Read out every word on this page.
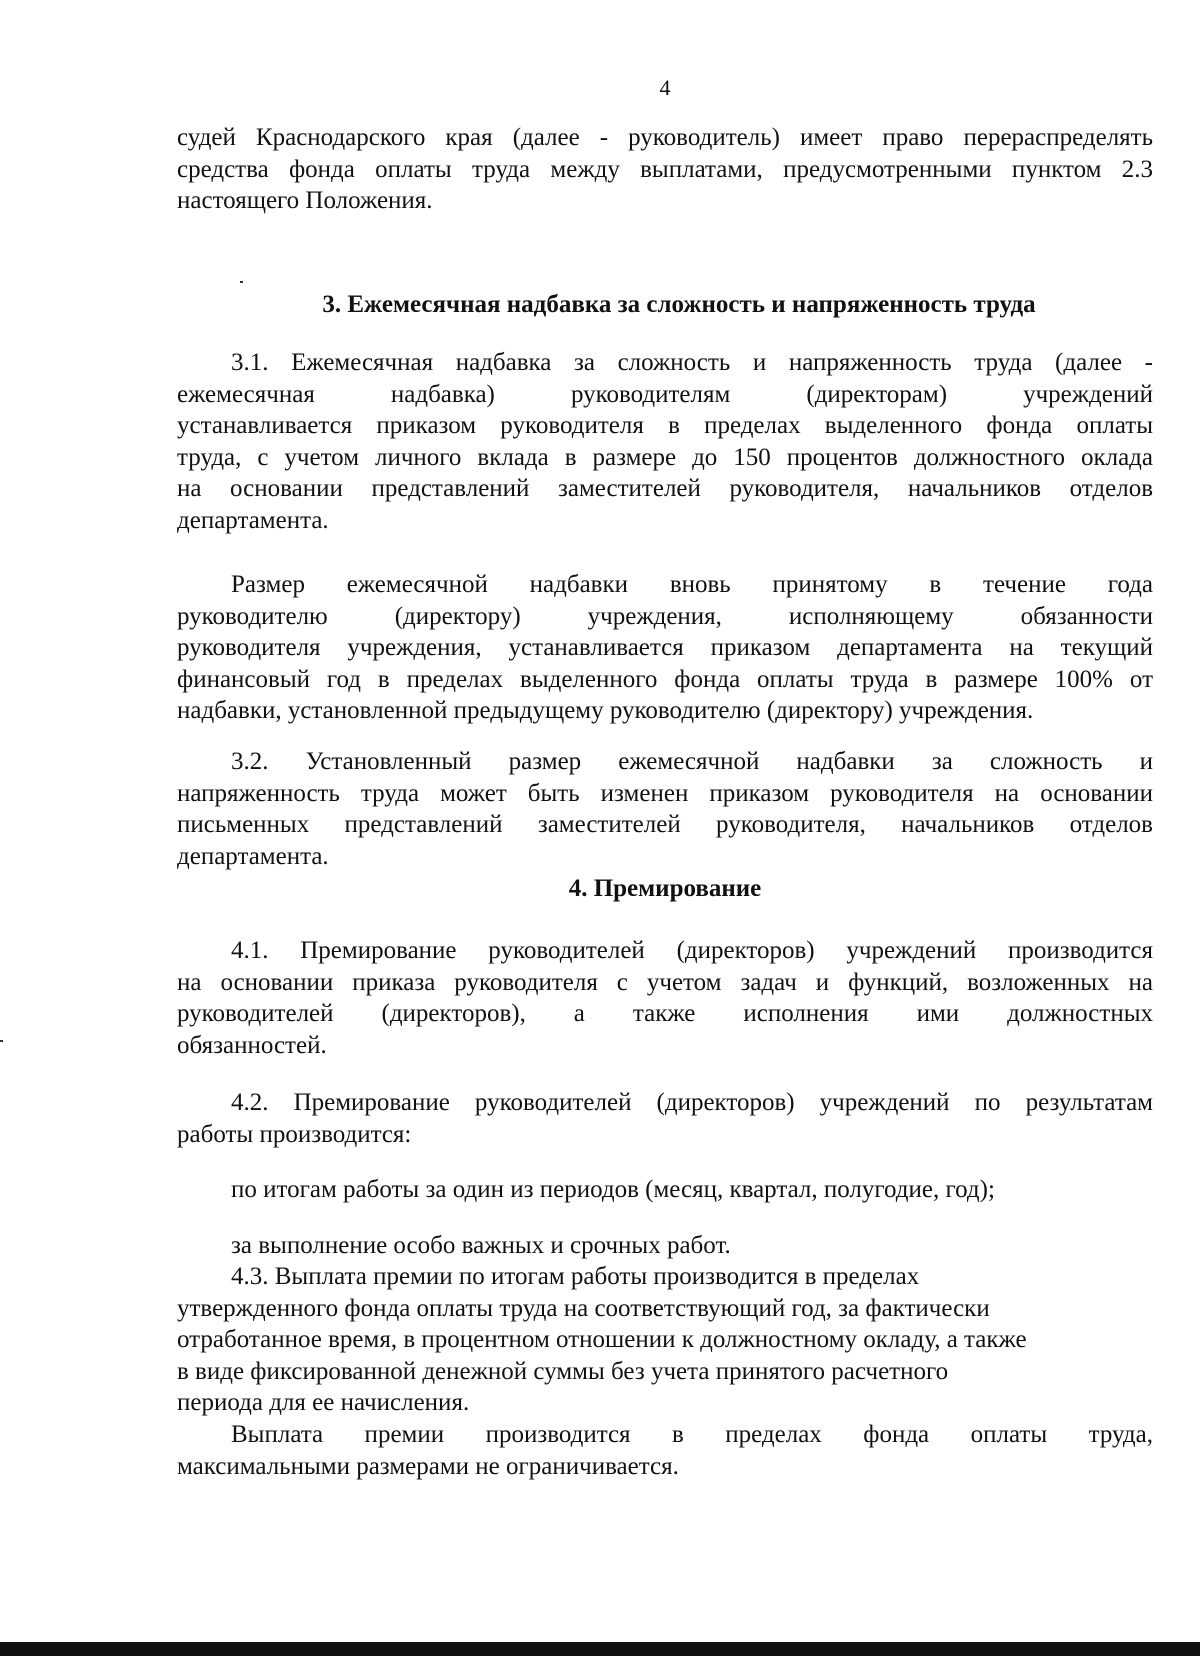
4
судей Краснодарского края (далее - руководитель) имеет право перераспределять
средства фонда оплаты труда между выплатами, предусмотренными пунктом 2.3
настоящего Положения.
3. Ежемесячная надбавка за сложность и напряженность труда
3.1. Ежемесячная надбавка за сложность и напряженность труда (далее -
ежемесячная надбавка) руководителям (директорам) учреждений
устанавливается приказом руководителя в пределах выделенного фонда оплаты
труда, с учетом личного вклада в размере до 150 процентов должностного оклада
на основании представлений заместителей руководителя, начальников отделов
департамента.
Размер ежемесячной надбавки вновь принятому в течение года
руководителю (директору) учреждения, исполняющему обязанности
руководителя учреждения, устанавливается приказом департамента на текущий
финансовый год в пределах выделенного фонда оплаты труда в размере 100% от
надбавки, установленной предыдущему руководителю (директору) учреждения.
3.2. Установленный размер ежемесячной надбавки за сложность и
напряженность труда может быть изменен приказом руководителя на основании
письменных представлений заместителей руководителя, начальников отделов
департамента.
4. Премирование
4.1. Премирование руководителей (директоров) учреждений производится
на основании приказа руководителя с учетом задач и функций, возложенных на
руководителей (директоров), а также исполнения ими должностных
обязанностей.
4.2. Премирование руководителей (директоров) учреждений по результатам
работы производится:
по итогам работы за один из периодов (месяц, квартал, полугодие, год);
за выполнение особо важных и срочных работ.
4.3. Выплата премии по итогам работы производится в пределах
утвержденного фонда оплаты труда на соответствующий год, за фактически
отработанное время, в процентном отношении к должностному окладу, а также
в виде фиксированной денежной суммы без учета принятого расчетного
периода для ее начисления.
Выплата премии производится в пределах фонда оплаты труда,
максимальными размерами не ограничивается.
